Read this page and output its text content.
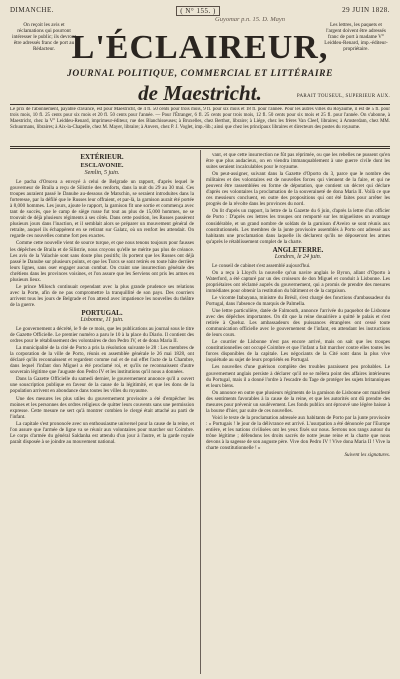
DIMANCHE.	( N° 155. )	29 JUIN 1828.
Guyomar p.n. 15. D. Mayn
On reçoit les avis et réclamations qui pourront intéresser le public; ils devront être adressés franc de port au Rédacteur.
Les lettres, les paquets et l'argent doivent être adressés franc de port à madame V° Leiddeu-Renard, imp.-éditeur-propriétaire.
L'ÉCLAIREUR,
JOURNAL POLITIQUE, COMMERCIAL ET LITTÉRAIRE
de Maestricht.	PARAIT TOUSEUL, SUPERIEUR AUX.
Le prix de l'abonnement, payable d'avance, est pour Maestricht, de 4 fl. 50 cents pour trois mois, 9 fl. pour six mois et 18 fl. pour l'année. Pour les autres villes du Royaume, il est de 5 fl. pour trois mois, 10 fl. 25 cents pour six mois et 20 fl. 50 cents pour l'année. — Pour l'Étranger, 6 fl. 25 cents pour trois mois, 12 fl. 50 cents pour six mois et 25 fl. pour l'année. On s'abonne, à Maestricht, chez la V° Leiddeu-Renard, imprimeur-éditeur, rue des Blanchisseuses; à Bruxelles, chez Berthot, libraire; à Liége, chez les frères Van Cleef, libraires; à Amsterdam, chez MM. Schuurmans, libraires; à Aix-la-Chapelle, chez M. Mayer, libraire; à Anvers, chez P. J. Voglet, imp.-lib.; ainsi que chez les principaux libraires et directeurs des postes du royaume.
EXTÉRIEUR.
ESCLAVONIE.
Semlin, 5 juin.
Le pacha d'Orsova a envoyé à celui de Belgrade un rapport, d'après lequel le gouverneur de Braila a reçu de Silistrie des renforts, dans la nuit du 29 au 30 mai. Ces troupes auraient passé le Danube au-dessous de Matschin, se seraient introduites dans la forteresse, par la défilé que le Russes leur offraient, et par-là, la garnison aurait été portée à 8,000 hommes. Les jours, ajoute le rapport, la garnison fit une sortie et commença avec tant de succès, que le camp de siège russe fut tout au plus de 15,000 hommes, ne se trouvait de déjà plusieurs régiments à ses côtés. Dans cette position, les Russes passèrent plusieurs jours dans l'inaction, et il semblait alors se préparer un mouvement général de retraite, auquel ils échappèrent en se retirant sur Galatz, où un renfort les attendait. On regarde ces nouvelles comme fort peu exactes.
Comme cette nouvelle vient de source turque, et que nous tenons toujours pour fausses les dépêches de Braila et de Silistrie, nous croyons qu'elle ne mérite pas plus de créance. Les avis de la Valachie sont sans doute plus positifs; ils portent que les Russes ont déjà passé le Danube sur plusieurs points, et que les Turcs se sont retirés en toute hâte derrière leurs lignes, sans oser engager aucun combat. On craint une insurrection générale des chrétiens dans les provinces voisines, et l'on assure que les Serviens ont pris les armes en plusieurs lieux.
Le prince Milosch continuait cependant avec la plus grande prudence ses relations avec la Porte, afin de ne pas compromettre la tranquillité de son pays. Des courriers arrivent tous les jours de Belgrade et l'on attend avec impatience les nouvelles du théâtre de la guerre.
PORTUGAL.
Lisbonne, 11 juin.
Le gouvernement a décrété, le 9 de ce mois, que les publications au journal sous le titre de Gazette Officielle. Le premier numéro a paru le 10 à la place du Diario. Il contient des ordres pour le rétablissement des volontaires de don Pedro IV, et de dona Maria II.
La municipalité de la cité de Porto a pris la résolution suivante le 28 : Les membres de la corporation de la ville de Porto, réunis en assemblée générale le 26 mai 1828, ont déclaré qu'ils reconnaissent et regardent comme nul et de nul effet l'acte de la Chambre, dans lequel l'infant don Miguel a été proclamé roi, et qu'ils ne reconnaissent d'autre souverain légitime que l'auguste don Pedro IV et les institutions qu'il nous a données.
Dans la Gazette Officielle du samedi dernier, le gouvernement annonce qu'il a ouvert une souscription publique en faveur de la cause de la légitimité, et que les dons de la population arrivent en abondance dans toutes les villes du royaume.
Une des mesures les plus utiles du gouvernement provisoire a été d'empêcher les moines et les personnes des ordres religieux de quitter leurs couvents sans une permission expresse. Cette mesure ne sert qu'à montrer combien le clergé était attaché au parti de l'infant.
La capitale s'est prononcée avec un enthousiasme universel pour la cause de la reine, et l'on assure que l'armée de ligne va se réunir aux volontaires pour marcher sur Coimbre. Le corps d'armée du général Saldanha est attendu d'un jour à l'autre, et la garde royale paraît disposée à se joindre au mouvement national.
vant, et que cette insurrection ne fût pas réprimée, ou que les rebelles ne pussent qu'en être que plus audacieux, on en viendra immanquablement à une guerre civile dont les suites seraient incalculables pour le royaume.
On peut-assigner, suivant dans la Gazette d'Oporto du 3, parce que le nombre des militaires et des volontaires est de nouvelles forces qui viennent de la faire, et qui ne peuvent être rassemblées en forme de députation, que contient un décret qui déclare d'après ces volontaires la proclamation de la souveraineté de dona Maria II. Voilà ce que ces messieurs concluent, en outre des propositions qui ont été faites pour arrêter les progrès de la révolte dans les provinces du nord.
On lit d'après un rapport, la lettre de la Gazette du 6 juin, d'après la lettre d'un officier de Porto : D'après ces lettres les troupes ont remporté sur les miguelistes un avantage considérable, et un grand nombre de soldats de la garnison d'Aveiro se sont réunis aux constitutionnels. Les membres de la junte provisoire assemblés à Porto ont adressé aux habitants une proclamation dans laquelle ils déclarent qu'ils ne déposeront les armes qu'après le rétablissement complet de la charte.
ANGLETERRE.
Londres, le 24 juin.
Le conseil de cabinet s'est assemblé aujourd'hui.
On a reçu à Lloyd's la nouvelle qu'un navire anglais le Byron, allant d'Oporto à Waterford, a été capturé par un des croiseurs de don Miguel et conduit à Lisbonne. Les propriétaires ont réclamé auprès du gouvernement, qui a promis de prendre des mesures immédiates pour obtenir la restitution du bâtiment et de la cargaison.
Le vicomte Itabayana, ministre du Brésil, s'est chargé des fonctions d'ambassadeur du Portugal, dans l'absence du marquis de Palmella.
Une lettre particulière, datée de Falmouth, annonce l'arrivée du paquebot de Lisbonne avec des dépêches importantes. On dit que la reine douairière a quitté le palais et s'est retirée à Queluz. Les ambassadeurs des puissances étrangères ont cessé toute communication officielle avec le gouvernement de l'infant, en attendant les instructions de leurs cours.
Le courrier de Lisbonne n'est pas encore arrivé, mais on sait que les troupes constitutionnelles ont occupé Coimbre et que l'infant a fait marcher contre elles toutes les forces disponibles de la capitale. Les négociants de la Cité sont dans la plus vive inquiétude au sujet de leurs propriétés en Portugal.
Les nouvelles d'une guérison complète des troubles paraissent peu probables. Le gouvernement anglais persiste à déclarer qu'il ne se mêlera point des affaires intérieures du Portugal, mais il a donné l'ordre à l'escadre du Tage de protéger les sujets britanniques et leurs biens.
On annonce en outre que plusieurs régiments de la garnison de Lisbonne ont manifesté des sentiments favorables à la cause de la reine, et que les autorités ont dû prendre des mesures pour prévenir un soulèvement. Les fonds publics ont éprouvé une légère baisse à la bourse d'hier, par suite de ces nouvelles.
Voici le texte de la proclamation adressée aux habitants de Porto par la junte provisoire : « Portugais ! le jour de la délivrance est arrivé. L'usurpation a été dénoncée par l'Europe entière, et les nations civilisées ont les yeux fixés sur nous. Serrons nos rangs autour du trône légitime ; défendons les droits sacrés de notre jeune reine et la charte que nous devons à la sagesse de son auguste père. Vive don Pedro IV ! Vive dona Maria II ! Vive la charte constitutionnelle ! »
Suivent les signatures.
